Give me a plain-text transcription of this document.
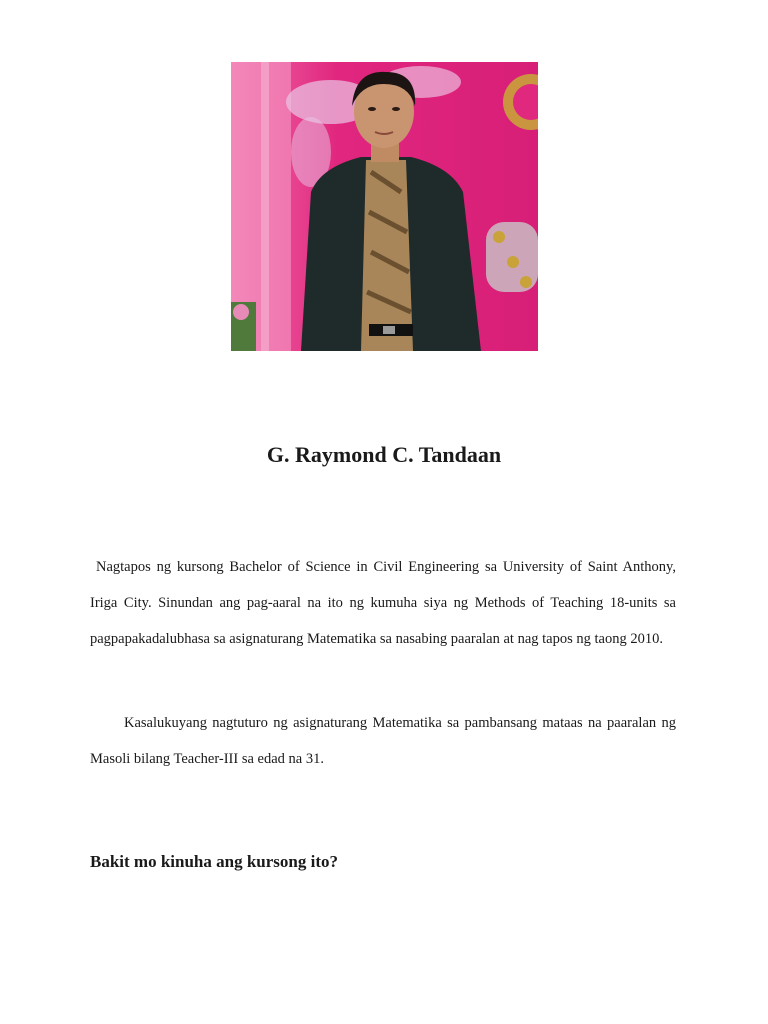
G. Raymond C. Tandaan

Nagtapos ng kursong Bachelor of Science in Civil Engineering sa University of Saint Anthony, Iriga City. Sinundan ang pag-aaral na ito ng kumuha siya ng Methods of Teaching 18-units sa pagpapakadalubhasa sa asignaturang Matematika sa nasabing paaralan at nag tapos ng taong 2010.

Kasalukuyang nagtuturo ng asignaturang Matematika sa pambansang mataas na paaralan ng Masoli bilang Teacher-III sa edad na 31.

Bakit mo kinuha ang kursong ito?
